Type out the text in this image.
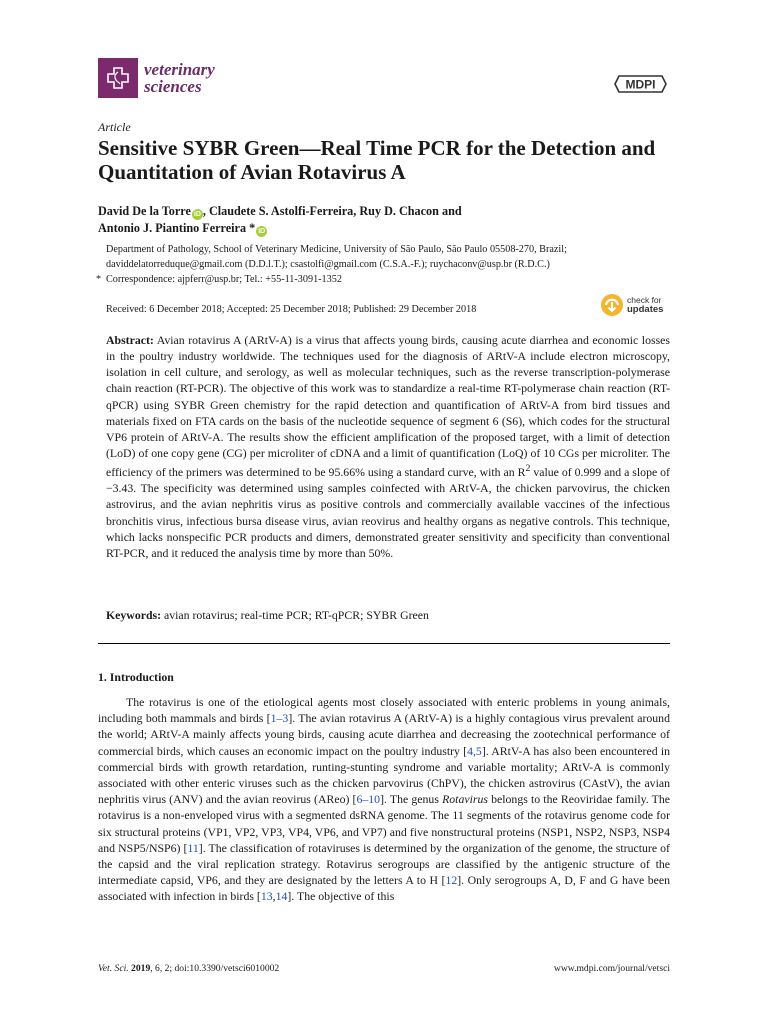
veterinary
sciences	MDPI
Article
Sensitive SYBR Green—Real Time PCR for the Detection and Quantitation of Avian Rotavirus A
David De la Torre iD , Claudete S. Astolfi-Ferreira, Ruy D. Chacon and
Antonio J. Piantino Ferreira * iD
Department of Pathology, School of Veterinary Medicine, University of São Paulo, São Paulo 05508-270, Brazil;
daviddelatorreduque@gmail.com (D.D.l.T.); csastolfi@gmail.com (C.S.A.-F.); ruychaconv@usp.br (R.D.C.)
* Correspondence: ajpferr@usp.br; Tel.: +55-11-3091-1352
Received: 6 December 2018; Accepted: 25 December 2018; Published: 29 December 2018
check for
updates

Abstract: Avian rotavirus A (ARtV-A) is a virus that affects young birds, causing acute diarrhea and economic losses in the poultry industry worldwide. The techniques used for the diagnosis of ARtV-A include electron microscopy, isolation in cell culture, and serology, as well as molecular techniques, such as the reverse transcription-polymerase chain reaction (RT-PCR). The objective of this work was to standardize a real-time RT-polymerase chain reaction (RT-qPCR) using SYBR Green chemistry for the rapid detection and quantification of ARtV-A from bird tissues and materials fixed on FTA cards on the basis of the nucleotide sequence of segment 6 (S6), which codes for the structural VP6 protein of ARtV-A. The results show the efficient amplification of the proposed target, with a limit of detection (LoD) of one copy gene (CG) per microliter of cDNA and a limit of quantification (LoQ) of 10 CGs per microliter. The efficiency of the primers was determined to be 95.66% using a standard curve, with an $R^2$ value of 0.999 and a slope of −3.43. The specificity was determined using samples coinfected with ARtV-A, the chicken parvovirus, the chicken astrovirus, and the avian nephritis virus as positive controls and commercially available vaccines of the infectious bronchitis virus, infectious bursa disease virus, avian reovirus and healthy organs as negative controls. This technique, which lacks nonspecific PCR products and dimers, demonstrated greater sensitivity and specificity than conventional RT-PCR, and it reduced the analysis time by more than 50%.

Keywords: avian rotavirus; real-time PCR; RT-qPCR; SYBR Green
1. Introduction

The rotavirus is one of the etiological agents most closely associated with enteric problems in young animals, including both mammals and birds [1–3]. The avian rotavirus A (ARtV-A) is a highly contagious virus prevalent around the world; ARtV-A mainly affects young birds, causing acute diarrhea and decreasing the zootechnical performance of commercial birds, which causes an economic impact on the poultry industry [4,5]. ARtV-A has also been encountered in commercial birds with growth retardation, runting-stunting syndrome and variable mortality; ARtV-A is commonly associated with other enteric viruses such as the chicken parvovirus (ChPV), the chicken astrovirus (CAstV), the avian nephritis virus (ANV) and the avian reovirus (AReo) [6–10]. The genus Rotavirus belongs to the Reoviridae family. The rotavirus is a non-enveloped virus with a segmented dsRNA genome. The 11 segments of the rotavirus genome code for six structural proteins (VP1, VP2, VP3, VP4, VP6, and VP7) and five nonstructural proteins (NSP1, NSP2, NSP3, NSP4 and NSP5/NSP6) [11]. The classification of rotaviruses is determined by the organization of the genome, the structure of the capsid and the viral replication strategy. Rotavirus serogroups are classified by the antigenic structure of the intermediate capsid, VP6, and they are designated by the letters A to H [12]. Only serogroups A, D, F and G have been associated with infection in birds [13,14]. The objective of this

Vet. Sci. 2019, 6, 2; doi:10.3390/vetsci6010002	www.mdpi.com/journal/vetsci
